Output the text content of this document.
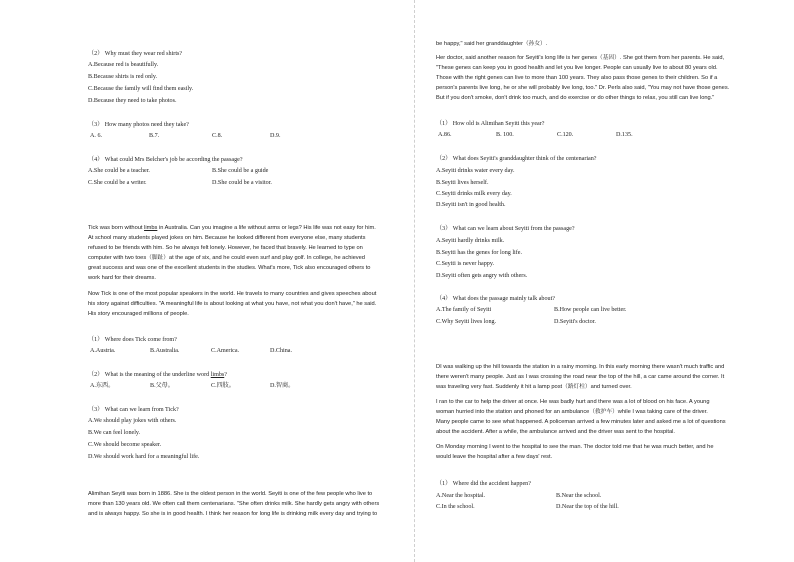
（2） Why must they wear red shirts?
A.Because red is beautifully.
B.Because shirts is red only.
C.Because the family will find them easily.
D.Because they need to take photos.
（3） How many photos need they take?
A. 6.	B.7.	C.8.	D.9.
（4） What could Mrs Belcher's job be according the passage?
A.She could be a teacher.	B.She could be a guide
C.She could be a writer.	D.She could be a visitor.
Tick was born without limbs in Australia. Can you imagine a life without arms or legs? His life was not easy for him.
At school many students played jokes on him. Because he looked different from everyone else, many students
refused to be friends with him. So he always felt lonely. However, he faced that bravely. He learned to type on
computer with two toes（脚趾）at the age of six, and he could even surf and play golf. In college, he achieved
great success and was one of the excellent students in the studies. What's more, Tick also encouraged others to
work hard for their dreams.
Now Tick is one of the most popular speakers in the world. He travels to many countries and gives speeches about
his story against difficulties. "A meaningful life is about looking at what you have, not what you don't have," he said.
His story encouraged millions of people.
（1） Where does Tick come from?
A.Austria.	B.Australia.	C.America.	D.China.
（2） What is the meaning of the underline word limbs?
A.东西。	B.父母。	C.四肢。	D.智商。
（3） What can we learn from Tick?
A.We should play jokes with others.
B.We can feel lonely.
C.We should become speaker.
D.We should work hard for a meaningful life.
Alimihan Seyiti was born in 1886. She is the oldest person in the world. Seyiti is one of the few people who live to
more than 130 years old. We often call them centenarians. "She often drinks milk. She hardly gets angry with others
and is always happy. So she is in good health. I think her reason for long life is drinking milk every day and trying to
be happy," said her granddaughter（孙女）.
Her doctor, said another reason for Seyiti's long life is her genes（基因）. She got them from her parents. He said,
"These genes can keep you in good health and let you live longer. People can usually live to about 80 years old.
Those with the right genes can live to more than 100 years. They also pass those genes to their children. So if a
person's parents live long, he or she will probably live long, too." Dr. Perls also said, "You may not have those genes.
But if you don't smoke, don't drink too much, and do exercise or do other things to relax, you still can live long."
（1） How old is Alimihan Seyiti this year?
A.86.	B. 100.	C.120.	D.135.
（2） What does Seyiti's granddaughter think of the centenarian?
A.Seyiti drinks water every day.
B.Seyiti lives herself.
C.Seyiti drinks milk every day.
D.Seyiti isn't in good health.
（3） What can we learn about Seyiti from the passage?
A.Seyiti hardly drinks milk.
B.Seyiti has the genes for long life.
C.Seyiti is never happy.
D.Seyiti often gets angry with others.
（4） What does the passage mainly talk about?
A.The family of Seyiti	B.How people can live better.
C.Why Seyiti lives long.	D.Seyiti's doctor.
DI was walking up the hill towards the station in a rainy morning. In this early morning there wasn't much traffic and
there weren't many people. Just as I was crossing the road near the top of the hill, a car came around the corner. It
was traveling very fast. Suddenly it hit a lamp post（路灯柱）and turned over.
I ran to the car to help the driver at once. He was badly hurt and there was a lot of blood on his face. A young
woman hurried into the station and phoned for an ambulance（救护车）while I was taking care of the driver.
Many people came to see what happened. A policeman arrived a few minutes later and asked me a lot of questions
about the accident. After a while, the ambulance arrived and the driver was sent to the hospital.
On Monday morning I went to the hospital to see the man. The doctor told me that he was much better, and he
would leave the hospital after a few days' rest.
（1） Where did the accident happen?
A.Near the hospital.	B.Near the school.
C.In the school.	D.Near the top of the hill.
